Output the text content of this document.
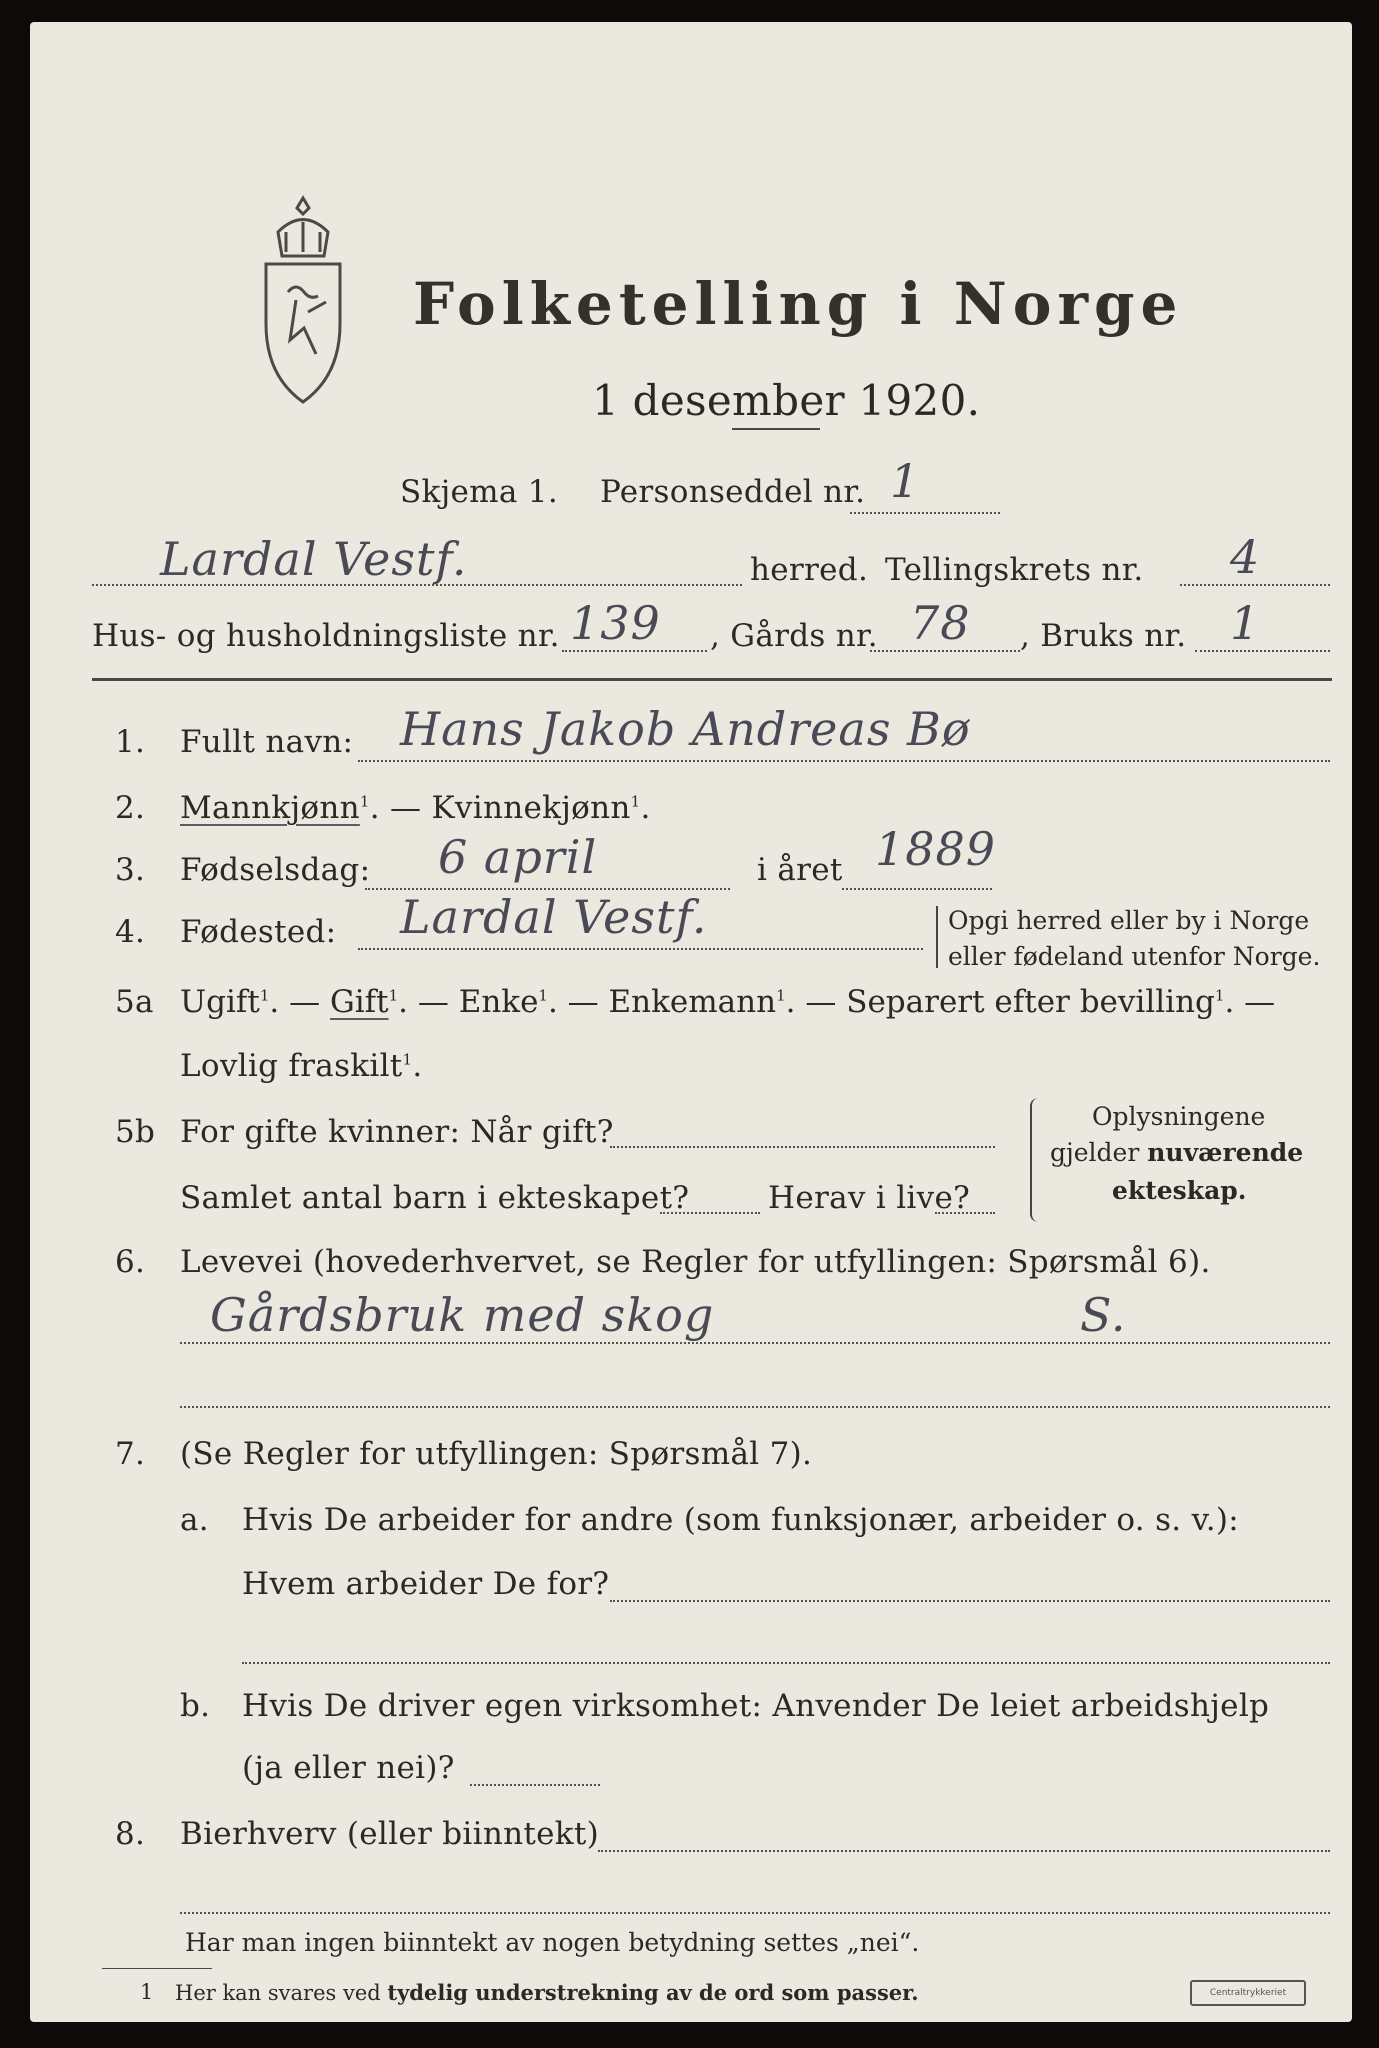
Folketelling i Norge
1 desember 1920.
Skjema 1. Personseddel nr. 1
Lardal Vestf.	herred. Tellingskrets nr. 4
Hus- og husholdningsliste nr. 139 , Gårds nr. 78 , Bruks nr. 1
1. Fullt navn: Hans Jakob Andreas Bø
2. Mannkjønn$^1$. — Kvinnekjønn$^1$.
3. Fødselsdag: 6 april	i året 1889
4. Fødested: Lardal Vestf.	Opgi herred eller by i Norge
eller fødeland utenfor Norge.
5a Ugift$^1$. — Gift$^1$. — Enke$^1$. — Enkemann$^1$. — Separert efter bevilling$^1$. —
Lovlig fraskilt$^1$.
5b For gifte kvinner: Når gift?
Samlet antal barn i ekteskapet?	Herav i live?
Oplysningene
gjelder nuværende
ekteskap.
6. Levevei (hovederhvervet, se Regler for utfyllingen: Spørsmål 6).
Gårdsbruk med skog	S.
7. (Se Regler for utfyllingen: Spørsmål 7).
a. Hvis De arbeider for andre (som funksjonær, arbeider o. s. v.):
Hvem arbeider De for?
b. Hvis De driver egen virksomhet: Anvender De leiet arbeidshjelp
(ja eller nei)?
8. Bierhverv (eller biinntekt)
Har man ingen biinntekt av nogen betydning settes „nei“.
1 Her kan svares ved tydelig understrekning av de ord som passer.	Centraltrykkeriet
